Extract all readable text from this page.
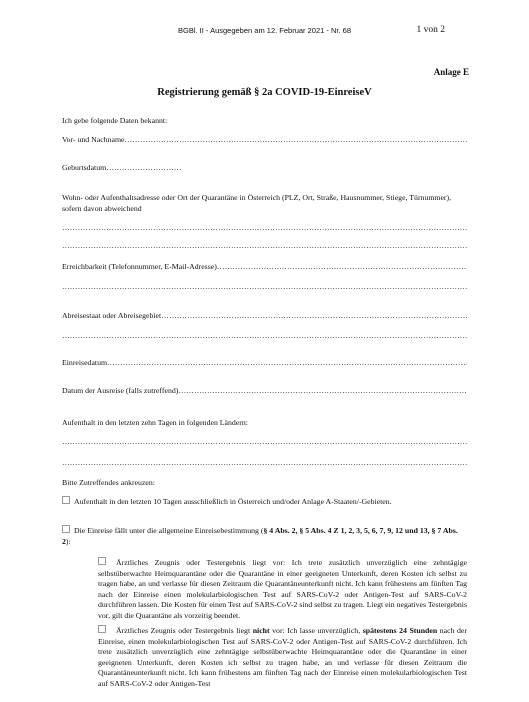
BGBl. II - Ausgegeben am 12. Februar 2021 - Nr. 68	1 von 2
Anlage E
Registrierung gemäß § 2a COVID-19-EinreiseV
Ich gebe folgende Daten bekannt:
Vor- und Nachname …………………………………………………………………………………………………………………………………………………………………………………………………………………………………………………………………………………
Geburtsdatum …………………………………………………………………………………………………………………………………………………………………………………………………………………………………………………………………………………
Wohn- oder Aufenthaltsadresse oder Ort der Quarantäne in Österreich (PLZ, Ort, Straße, Hausnummer, Stiege, Türnummer), sofern davon abweichend
…………………………………………………………………………………………………………………………………………………………………………………………………………………………………………………………………………………
…………………………………………………………………………………………………………………………………………………………………………………………………………………………………………………………………………………
Erreichbarkeit (Telefonnummer, E-Mail-Adresse) …………………………………………………………………………………………………………………………………………………………………………………………………………………………………………………………………………………
…………………………………………………………………………………………………………………………………………………………………………………………………………………………………………………………………………………
Abreisestaat oder Abreisegebiet …………………………………………………………………………………………………………………………………………………………………………………………………………………………………………………………………………………
…………………………………………………………………………………………………………………………………………………………………………………………………………………………………………………………………………………
Einreisedatum …………………………………………………………………………………………………………………………………………………………………………………………………………………………………………………………………………………
Datum der Ausreise (falls zutreffend) …………………………………………………………………………………………………………………………………………………………………………………………………………………………………………………………………………………
Aufenthalt in den letzten zehn Tagen in folgenden Ländern:
…………………………………………………………………………………………………………………………………………………………………………………………………………………………………………………………………………………
…………………………………………………………………………………………………………………………………………………………………………………………………………………………………………………………………………………
Bitte Zutreffendes ankreuzen:
Aufenthalt in den letzten 10 Tagen ausschließlich in Österreich und/oder Anlage A-Staaten/-Gebieten.
Die Einreise fällt unter die allgemeine Einreisebestimmung (§ 4 Abs. 2, § 5 Abs. 4 Z 1, 2, 3, 5, 6, 7, 9, 12 und 13, § 7 Abs. 2):
Ärztliches Zeugnis oder Testergebnis liegt vor: Ich trete zusätzlich unverzüglich eine zehntägige selbstüberwachte Heimquarantäne oder die Quarantäne in einer geeigneten Unterkunft, deren Kosten ich selbst zu tragen habe, an und verlasse für diesen Zeitraum die Quarantäneunterkunft nicht. Ich kann frühestens am fünften Tag nach der Einreise einen molekularbiologischen Test auf SARS-CoV-2 oder Antigen-Test auf SARS-CoV-2 durchführen lassen. Die Kosten für einen Test auf SARS-CoV-2 sind selbst zu tragen. Liegt ein negatives Testergebnis vor, gilt die Quarantäne als vorzeitig beendet.
Ärztliches Zeugnis oder Testergebnis liegt nicht vor: Ich lasse unverzüglich, spätestens 24 Stunden nach der Einreise, einen molekularbiologischen Test auf SARS-CoV-2 oder Antigen-Test auf SARS-CoV-2 durchführen. Ich trete zusätzlich unverzüglich eine zehntägige selbstüberwachte Heimquarantäne oder die Quarantäne in einer geeigneten Unterkunft, deren Kosten ich selbst zu tragen habe, an und verlasse für diesen Zeitraum die Quarantäneunterkunft nicht. Ich kann frühestens am fünften Tag nach der Einreise einen molekularbiologischen Test auf SARS-CoV-2 oder Antigen-Test
